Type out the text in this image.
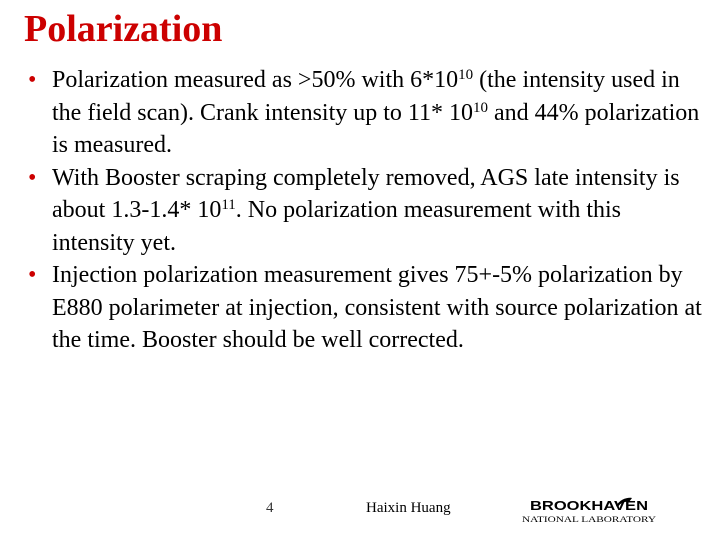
Polarization
• Polarization measured as >50% with $6*10^{10}$ (the intensity used in the field scan). Crank intensity up to 11* $10^{10}$ and 44% polarization is measured.
• With Booster scraping completely removed, AGS late intensity is about 1.3-1.4* $10^{11}$. No polarization measurement with this intensity yet.
• Injection polarization measurement gives 75+-5% polarization by E880 polarimeter at injection, consistent with source polarization at the time. Booster should be well corrected.
4	Haixin Huang	BROOKHAVEN
NATIONAL LABORATORY
